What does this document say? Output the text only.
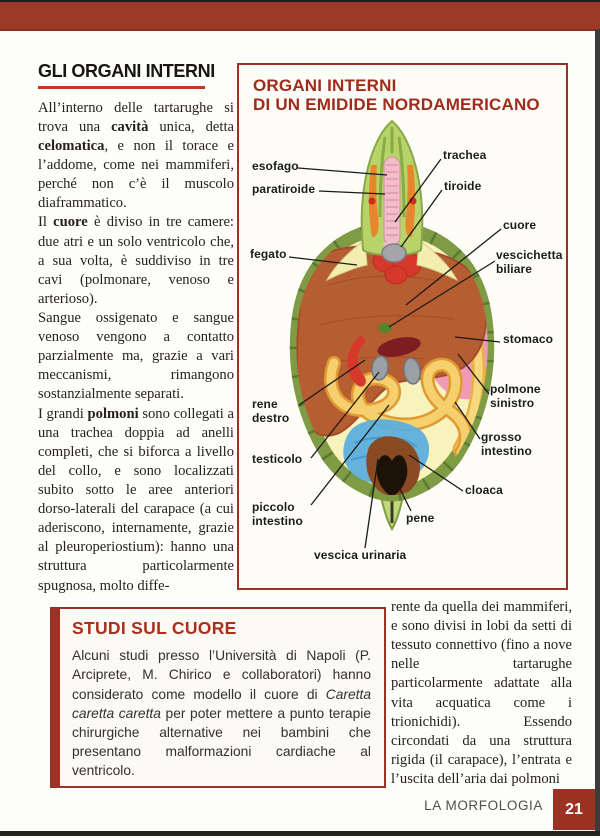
GLI ORGANI INTERNI

All’interno delle tartarughe si trova una cavità unica, detta celomatica, e non il torace e l’addome, come nei mammiferi, perché non c’è il muscolo diaframmatico.

Il cuore è diviso in tre camere: due atri e un solo ventricolo che, a sua volta, è suddiviso in tre cavi (polmonare, venoso e arterioso).

Sangue ossigenato e sangue venoso vengono a contatto parzialmente ma, grazie a vari meccanismi, rimangono sostanzialmente separati.

I grandi polmoni sono collegati a una trachea doppia ad anelli completi, che si biforca a livello del collo, e sono localizzati subito sotto le aree anteriori dorso-laterali del carapace (a cui aderiscono, internamente, grazie al pleuroperiostium): hanno una struttura particolarmente spugnosa, molto diffe-

ORGANI INTERNI
DI UN EMIDIDE NORDAMERICANO
esofago
paratiroide
trachea
tiroide
fegato
cuore
vescichetta biliare
stomaco
rene destro
polmone sinistro
grosso intestino
testicolo
cloaca
piccolo intestino	pene
vescica urinaria
STUDI SUL CUORE
Alcuni studi presso l’Università di Napoli (P. Arciprete, M. Chirico e collaboratori) hanno considerato come modello il cuore di Caretta caretta caretta per poter mettere a punto terapie chirurgiche alternative nei bambini che presentano malformazioni cardiache al ventricolo.

rente da quella dei mammiferi, e sono divisi in lobi da setti di tessuto connettivo (fino a nove nelle tartarughe particolarmente adattate alla vita acquatica come i trionichidi). Essendo circondati da una struttura rigida (il carapace), l’entrata e l’uscita dell’aria dai polmoni

LA MORFOLOGIA 21
